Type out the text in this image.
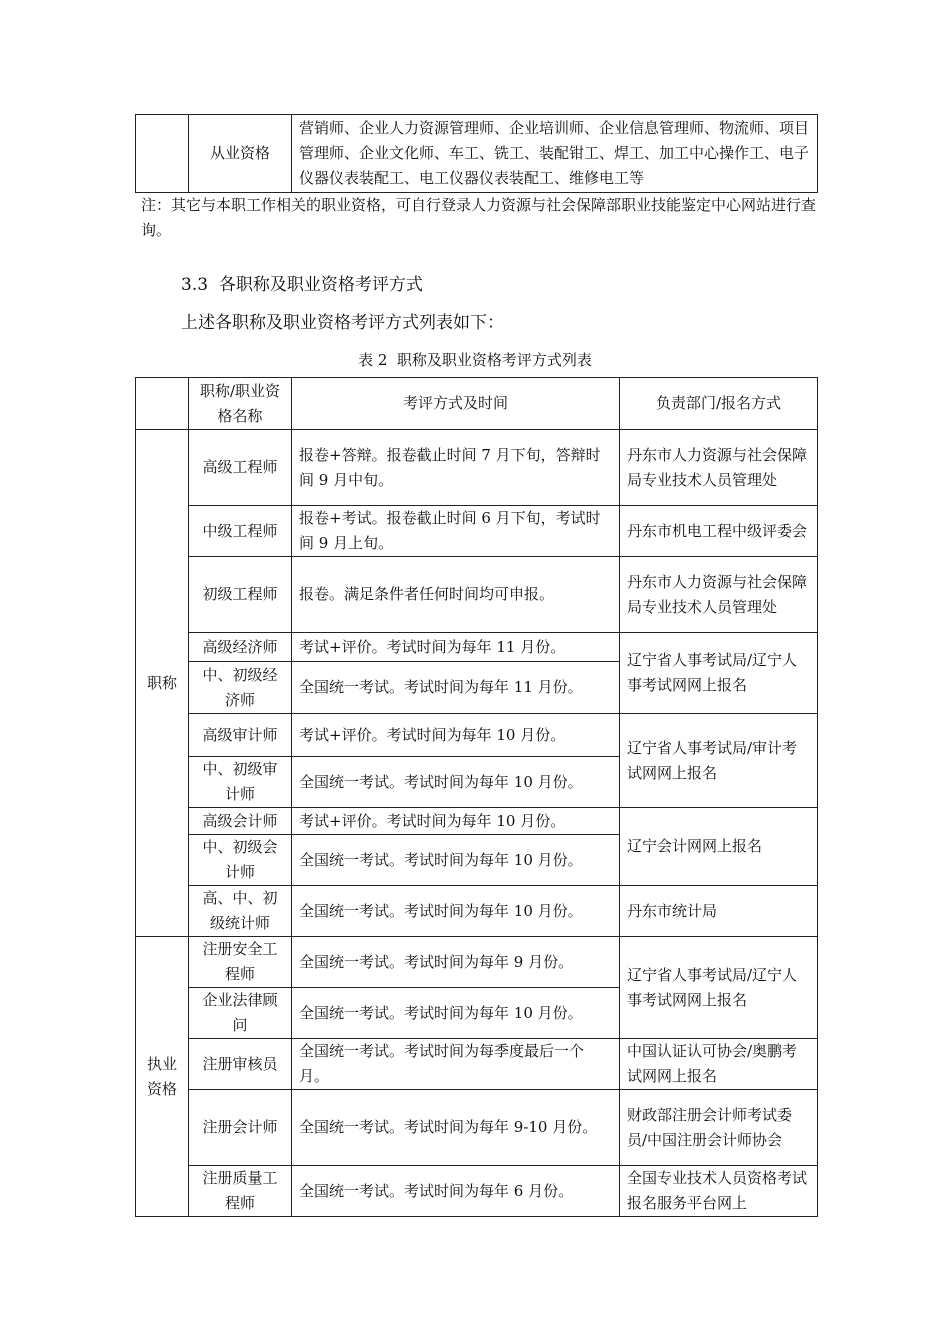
	从业资格	营销师、企业人力资源管理师、企业培训师、企业信息管理师、物流师、项目管理师、企业文化师、车工、铣工、装配钳工、焊工、加工中心操作工、电子仪器仪表装配工、电工仪器仪表装配工、维修电工等
注：其它与本职工作相关的职业资格，可自行登录人力资源与社会保障部职业技能鉴定中心网站进行查询。
3.3  各职称及职业资格考评方式
上述各职称及职业资格考评方式列表如下：
表 2  职称及职业资格考评方式列表
	职称/职业资格名称	考评方式及时间	负责部门/报名方式
职称	高级工程师	报卷+答辩。报卷截止时间 7 月下旬，答辩时间 9 月中旬。	丹东市人力资源与社会保障局专业技术人员管理处
	中级工程师	报卷+考试。报卷截止时间 6 月下旬，考试时间 9 月上旬。	丹东市机电工程中级评委会
	初级工程师	报卷。满足条件者任何时间均可申报。	丹东市人力资源与社会保障局专业技术人员管理处
	高级经济师	考试+评价。考试时间为每年 11 月份。	辽宁省人事考试局/辽宁人事考试网网上报名
	中、初级经济师	全国统一考试。考试时间为每年 11 月份。	
	高级审计师	考试+评价。考试时间为每年 10 月份。	辽宁省人事考试局/审计考试网网上报名
	中、初级审计师	全国统一考试。考试时间为每年 10 月份。	
	高级会计师	考试+评价。考试时间为每年 10 月份。	辽宁会计网网上报名
	中、初级会计师	全国统一考试。考试时间为每年 10 月份。	
	高、中、初级统计师	全国统一考试。考试时间为每年 10 月份。	丹东市统计局
执业资格	注册安全工程师	全国统一考试。考试时间为每年 9 月份。	辽宁省人事考试局/辽宁人事考试网网上报名
	企业法律顾问	全国统一考试。考试时间为每年 10 月份。	
	注册审核员	全国统一考试。考试时间为每季度最后一个月。	中国认证认可协会/奥鹏考试网网上报名
	注册会计师	全国统一考试。考试时间为每年 9-10 月份。	财政部注册会计师考试委员/中国注册会计师协会
	注册质量工程师	全国统一考试。考试时间为每年 6 月份。	全国专业技术人员资格考试报名服务平台网上
